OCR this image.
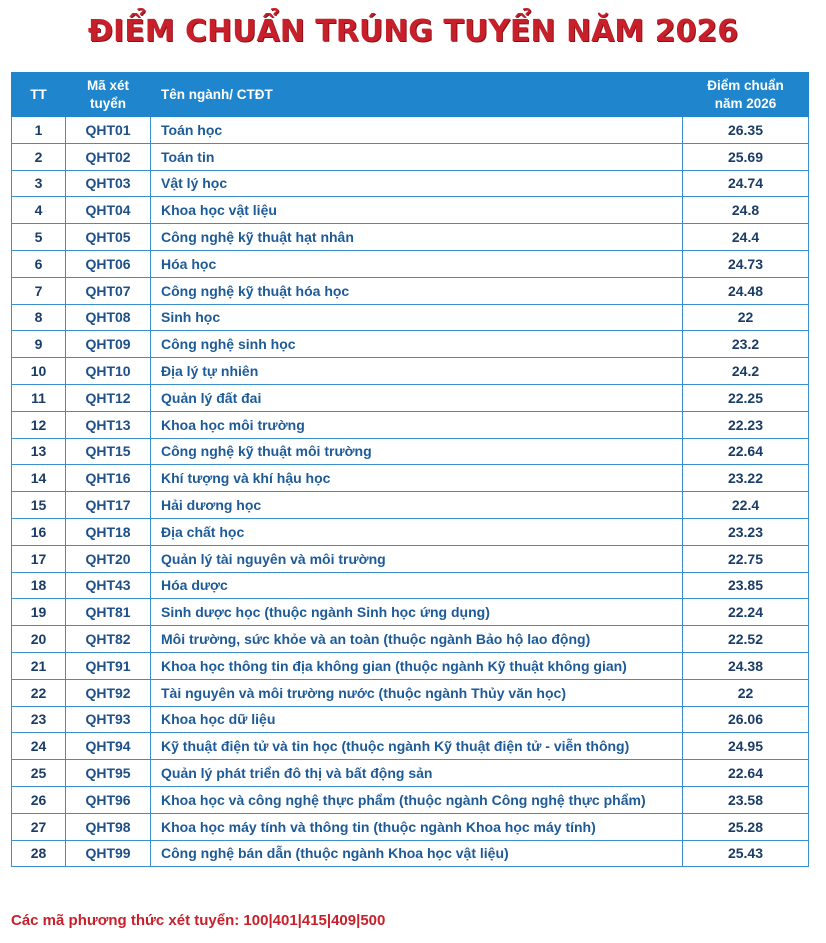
ĐIỂM CHUẨN TRÚNG TUYỂN NĂM 2026
TT	Mã xét tuyển	Tên ngành/ CTĐT	Điểm chuẩn năm 2026

1	QHT01	Toán học	26.35
2	QHT02	Toán tin	25.69
3	QHT03	Vật lý học	24.74
4	QHT04	Khoa học vật liệu	24.8
5	QHT05	Công nghệ kỹ thuật hạt nhân	24.4
6	QHT06	Hóa học	24.73
7	QHT07	Công nghệ kỹ thuật hóa học	24.48
8	QHT08	Sinh học	22
9	QHT09	Công nghệ sinh học	23.2
10	QHT10	Địa lý tự nhiên	24.2
11	QHT12	Quản lý đất đai	22.25
12	QHT13	Khoa học môi trường	22.23
13	QHT15	Công nghệ kỹ thuật môi trường	22.64
14	QHT16	Khí tượng và khí hậu học	23.22
15	QHT17	Hải dương học	22.4
16	QHT18	Địa chất học	23.23
17	QHT20	Quản lý tài nguyên và môi trường	22.75
18	QHT43	Hóa dược	23.85
19	QHT81	Sinh dược học (thuộc ngành Sinh học ứng dụng)	22.24
20	QHT82	Môi trường, sức khỏe và an toàn (thuộc ngành Bảo hộ lao động)	22.52
21	QHT91	Khoa học thông tin địa không gian (thuộc ngành Kỹ thuật không gian)	24.38
22	QHT92	Tài nguyên và môi trường nước (thuộc ngành Thủy văn học)	22
23	QHT93	Khoa học dữ liệu	26.06
24	QHT94	Kỹ thuật điện tử và tin học (thuộc ngành Kỹ thuật điện tử - viễn thông)	24.95
25	QHT95	Quản lý phát triển đô thị và bất động sản	22.64
26	QHT96	Khoa học và công nghệ thực phẩm (thuộc ngành Công nghệ thực phẩm)	23.58
27	QHT98	Khoa học máy tính và thông tin (thuộc ngành Khoa học máy tính)	25.28
28	QHT99	Công nghệ bán dẫn (thuộc ngành Khoa học vật liệu)	25.43
Các mã phương thức xét tuyển: 100|401|415|409|500
